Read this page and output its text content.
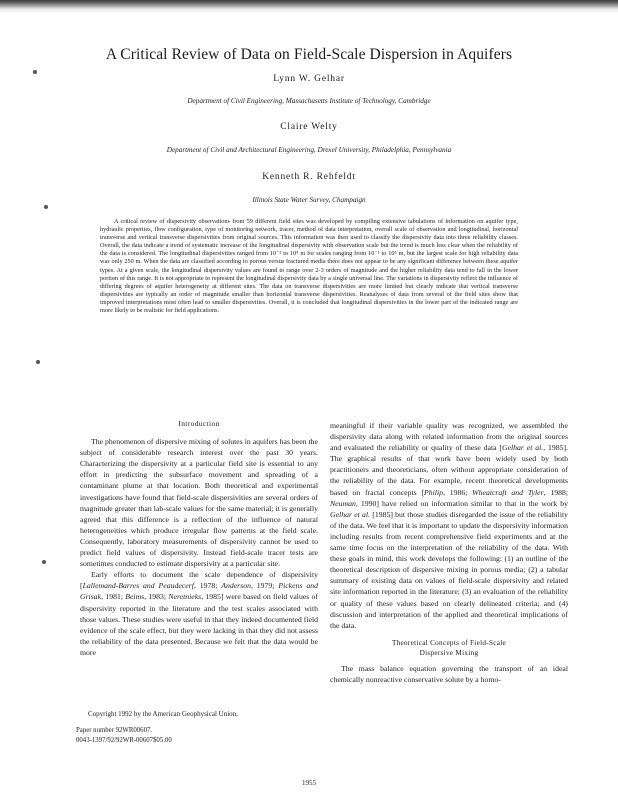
A Critical Review of Data on Field-Scale Dispersion in Aquifers
Lynn W. Gelhar
Department of Civil Engineering, Massachusetts Institute of Technology, Cambridge
Claire Welty
Department of Civil and Architectural Engineering, Drexel University, Philadelphia, Pennsylvania
Kenneth R. Rehfeldt
Illinois State Water Survey, Champaign

A critical review of dispersivity observations from 59 different field sites was developed by compiling extensive tabulations of information on aquifer type, hydraulic properties, flow configuration, type of monitoring network, tracer, method of data interpretation, overall scale of observation and longitudinal, horizontal transverse and vertical transverse dispersivities from original sources. This information was then used to classify the dispersivity data into three reliability classes. Overall, the data indicate a trend of systematic increase of the longitudinal dispersivity with observation scale but the trend is much less clear when the reliability of the data is considered. The longitudinal dispersivities ranged from 10⁻² to 10⁴ m for scales ranging from 10⁻¹ to 10⁵ m, but the largest scale for high reliability data was only 250 m. When the data are classified according to porous versus fractured media there does not appear to be any significant difference between these aquifer types. At a given scale, the longitudinal dispersivity values are found to range over 2-3 orders of magnitude and the higher reliability data tend to fall in the lower portion of this range. It is not appropriate to represent the longitudinal dispersivity data by a single universal line. The variations in dispersivity reflect the influence of differing degrees of aquifer heterogeneity at different sites. The data on transverse dispersivities are more limited but clearly indicate that vertical transverse dispersivities are typically an order of magnitude smaller than horizontal transverse dispersivities. Reanalyses of data from several of the field sites show that improved interpretations most often lead to smaller dispersivities. Overall, it is concluded that longitudinal dispersivities in the lower part of the indicated range are more likely to be realistic for field applications.

Introduction

The phenomenon of dispersive mixing of solutes in aquifers has been the subject of considerable research interest over the past 30 years. Characterizing the dispersivity at a particular field site is essential to any effort in predicting the subsurface movement and spreading of a contaminant plume at that location. Both theoretical and experimental investigations have found that field-scale dispersivities are several orders of magnitude greater than lab-scale values for the same material; it is generally agreed that this difference is a reflection of the influence of natural heterogeneities which produce irregular flow patterns at the field scale. Consequently, laboratory measurements of dispersivity cannot be used to predict field values of dispersivity. Instead field-scale tracer tests are sometimes conducted to estimate dispersivity at a particular site.

Early efforts to document the scale dependence of dispersivity [Lallemand-Barres and Peaudecerf, 1978; Anderson, 1979; Pickens and Grisak, 1981; Beims, 1983; Neretnieks, 1985] were based on field values of dispersivity reported in the literature and the test scales associated with those values. These studies were useful in that they indeed documented field evidence of the scale effect, but they were lacking in that they did not assess the reliability of the data presented. Because we felt that the data would be more

meaningful if their variable quality was recognized, we assembled the dispersivity data along with related information from the original sources and evaluated the reliability or quality of these data [Gelhar et al., 1985]. The graphical results of that work have been widely used by both practitioners and theoreticians, often without appropriate consideration of the reliability of the data. For example, recent theoretical developments based on fractal concepts [Philip, 1986; Wheatcraft and Tyler, 1988; Neuman, 1990] have relied on information similar to that in the work by Gelhar et al. [1985] but those studies disregarded the issue of the reliability of the data. We feel that it is important to update the dispersivity information including results from recent comprehensive field experiments and at the same time focus on the interpretation of the reliability of the data. With these goals in mind, this work develops the following: (1) an outline of the theoretical description of dispersive mixing in porous media; (2) a tabular summary of existing data on values of field-scale dispersivity and related site information reported in the literature; (3) an evaluation of the reliability or quality of these values based on clearly delineated criteria; and (4) discussion and interpretation of the applied and theoretical implications of the data.

Theoretical Concepts of Field-Scale
Dispersive Mixing

The mass balance equation governing the transport of an ideal chemically nonreactive conservative solute by a homo-

Copyright 1992 by the American Geophysical Union.
Paper number 92WR00607.
0043-1397/92/92WR-00607$05.00
1955
